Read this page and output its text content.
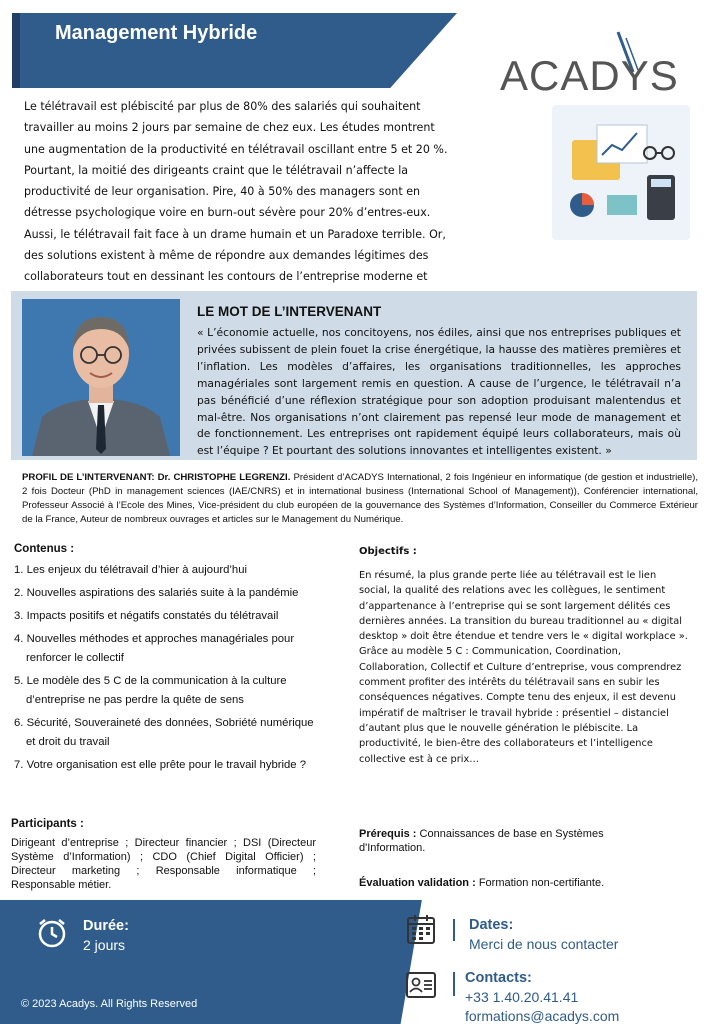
Management Hybride
ACADYS
Le télétravail est plébiscité par plus de 80% des salariés qui souhaitent travailler au moins 2 jours par semaine de chez eux. Les études montrent une augmentation de la productivité en télétravail oscillant entre 5 et 20 %. Pourtant, la moitié des dirigeants craint que le télétravail n’affecte la productivité de leur organisation. Pire, 40 à 50% des managers sont en détresse psychologique voire en burn-out sévère pour 20% d’entres-eux. Aussi, le télétravail fait face à un drame humain et un Paradoxe terrible. Or, des solutions existent à même de répondre aux demandes légitimes des collaborateurs tout en dessinant les contours de l’entreprise moderne et
LE MOT DE L’INTERVENANT
« L’économie actuelle, nos concitoyens, nos édiles, ainsi que nos entreprises publiques et privées subissent de plein fouet la crise énergétique, la hausse des matières premières et l’inflation. Les modèles d’affaires, les organisations traditionnelles, les approches managériales sont largement remis en question. A cause de l’urgence, le télétravail n’a pas bénéficié d’une réflexion stratégique pour son adoption produisant malentendus et mal-être. Nos organisations n’ont clairement pas repensé leur mode de management et de fonctionnement. Les entreprises ont rapidement équipé leurs collaborateurs, mais où est l’équipe ? Et pourtant des solutions innovantes et intelligentes existent. »
PROFIL DE L’INTERVENANT: Dr. CHRISTOPHE LEGRENZI. Président d’ACADYS International, 2 fois Ingénieur en informatique (de gestion et industrielle), 2 fois Docteur (PhD in management sciences (IAE/CNRS) et in international business (International School of Management)), Conférencier international, Professeur Associé à l’Ecole des Mines, Vice-président du club européen de la gouvernance des Systèmes d’Information, Conseiller du Commerce Extérieur de la France, Auteur de nombreux ouvrages et articles sur le Management du Numérique.
Contenus :
1. Les enjeux du télétravail d’hier à aujourd’hui
2. Nouvelles aspirations des salariés suite à la pandémie
3. Impacts positifs et négatifs constatés du télétravail
4. Nouvelles méthodes et approches managériales pour
renforcer le collectif
5. Le modèle des 5 C de la communication à la culture
d’entreprise ne pas perdre la quête de sens
6. Sécurité, Souveraineté des données, Sobriété numérique
et droit du travail
7. Votre organisation est elle prête pour le travail hybride ?
Objectifs :
En résumé, la plus grande perte liée au télétravail est le lien social, la qualité des relations avec les collègues, le sentiment d’appartenance à l’entreprise qui se sont largement délités ces dernières années. La transition du bureau traditionnel au « digital desktop » doit être étendue et tendre vers le « digital workplace ». Grâce au modèle 5 C : Communication, Coordination, Collaboration, Collectif et Culture d’entreprise, vous comprendrez comment profiter des intérêts du télétravail sans en subir les conséquences négatives. Compte tenu des enjeux, il est devenu impératif de maîtriser le travail hybride : présentiel – distanciel d’autant plus que le nouvelle génération le plébiscite. La productivité, le bien-être des collaborateurs et l’intelligence collective est à ce prix…
Participants :
Dirigeant d’entreprise ; Directeur financier ; DSI (Directeur Système d’Information) ; CDO (Chief Digital Officier) ; Directeur marketing ; Responsable informatique ; Responsable métier.
Prérequis : Connaissances de base en Systèmes d'Information.
Évaluation validation : Formation non-certifiante.
Durée:
2 jours
© 2023 Acadys. All Rights Reserved
Dates:
Merci de nous contacter
Contacts:
+33 1.40.20.41.41
formations@acadys.com
